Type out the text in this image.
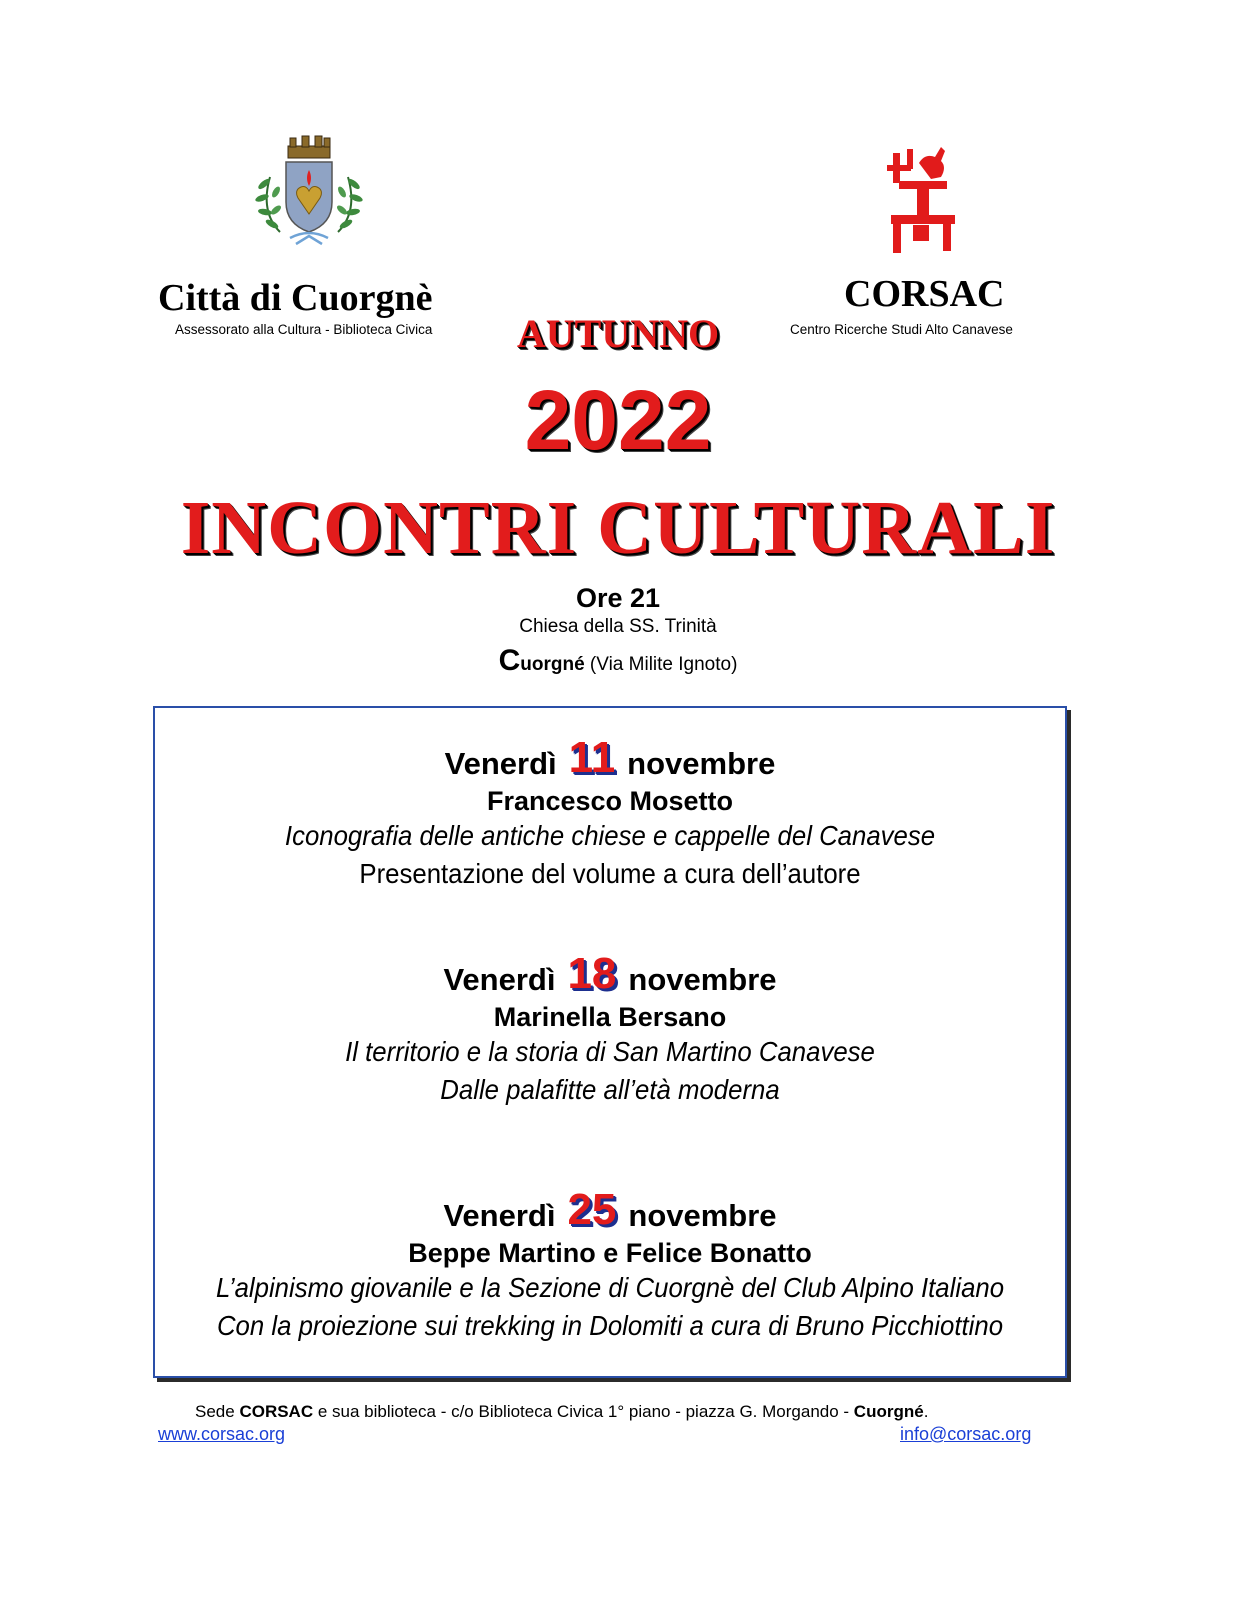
Città di Cuorgnè
Assessorato alla Cultura - Biblioteca Civica
CORSAC
Centro Ricerche Studi Alto Canavese
AUTUNNO
2022
INCONTRI CULTURALI
Ore 21
Chiesa della SS. Trinità
Cuorgné (Via Milite Ignoto)
Venerdì 11 novembre
Francesco Mosetto
Iconografia delle antiche chiese e cappelle del Canavese
Presentazione del volume a cura dell’autore
Venerdì 18 novembre
Marinella Bersano
Il territorio e la storia di San Martino Canavese
Dalle palafitte all’età moderna
Venerdì 25 novembre
Beppe Martino e Felice Bonatto
L’alpinismo giovanile e la Sezione di Cuorgnè del Club Alpino Italiano
Con la proiezione sui trekking in Dolomiti a cura di Bruno Picchiottino
Sede CORSAC e sua biblioteca - c/o Biblioteca Civica 1° piano - piazza G. Morgando - Cuorgné.
www.corsac.org	info@corsac.org
